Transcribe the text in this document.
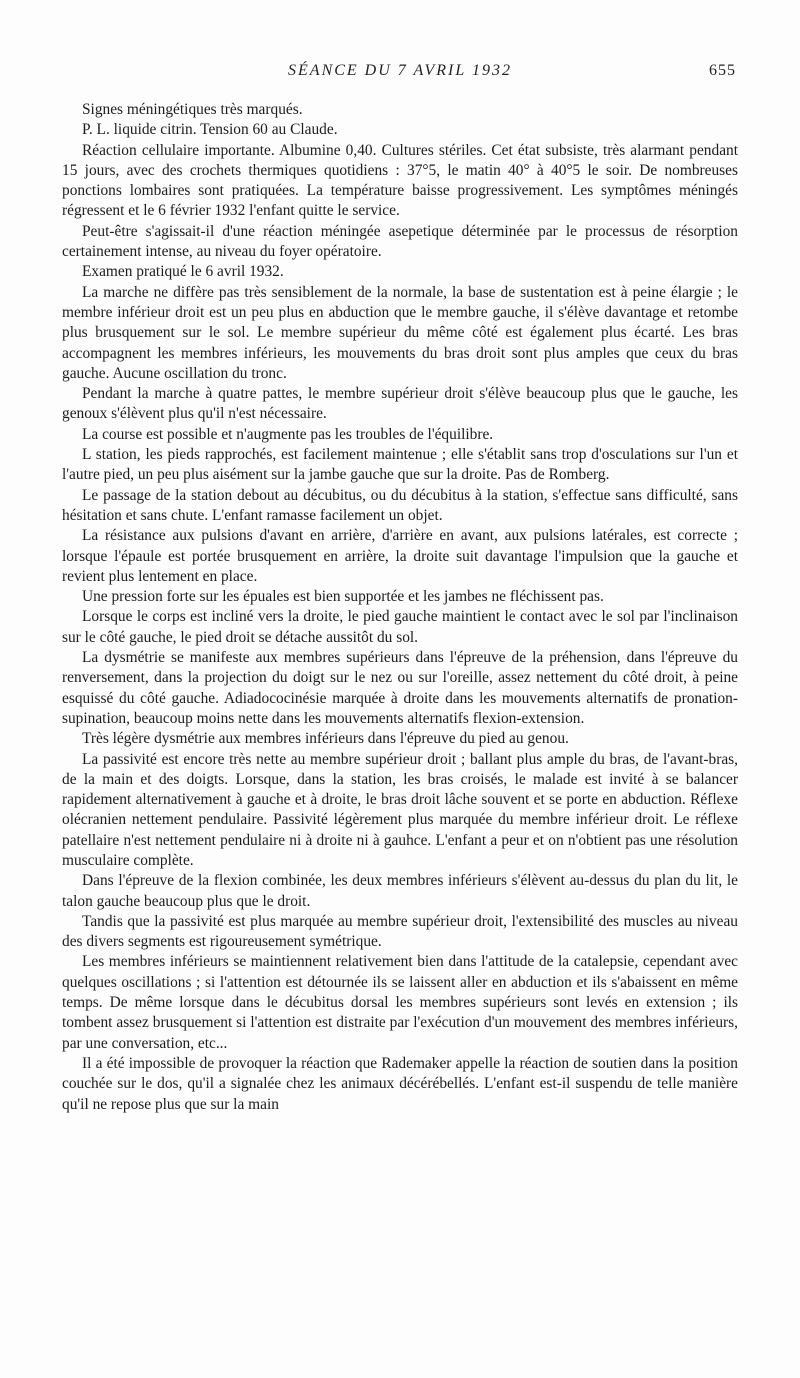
SÉANCE DU 7 AVRIL 1932	655

Signes méningétiques très marqués.

P. L. liquide citrin. Tension 60 au Claude.

Réaction cellulaire importante. Albumine 0,40. Cultures stériles. Cet état subsiste, très alarmant pendant 15 jours, avec des crochets thermiques quotidiens : 37°5, le matin 40° à 40°5 le soir. De nombreuses ponctions lombaires sont pratiquées. La température baisse progressivement. Les symptômes méningés régressent et le 6 février 1932 l'enfant quitte le service.

Peut-être s'agissait-il d'une réaction méningée asepetique déterminée par le processus de résorption certainement intense, au niveau du foyer opératoire.

Examen pratiqué le 6 avril 1932.

La marche ne diffère pas très sensiblement de la normale, la base de sustentation est à peine élargie ; le membre inférieur droit est un peu plus en abduction que le membre gauche, il s'élève davantage et retombe plus brusquement sur le sol. Le membre supérieur du même côté est également plus écarté. Les bras accompagnent les membres inférieurs, les mouvements du bras droit sont plus amples que ceux du bras gauche. Aucune oscillation du tronc.

Pendant la marche à quatre pattes, le membre supérieur droit s'élève beaucoup plus que le gauche, les genoux s'élèvent plus qu'il n'est nécessaire.

La course est possible et n'augmente pas les troubles de l'équilibre.

L station, les pieds rapprochés, est facilement maintenue ; elle s'établit sans trop d'osculations sur l'un et l'autre pied, un peu plus aisément sur la jambe gauche que sur la droite. Pas de Romberg.

Le passage de la station debout au décubitus, ou du décubitus à la station, s'effectue sans difficulté, sans hésitation et sans chute. L'enfant ramasse facilement un objet.

La résistance aux pulsions d'avant en arrière, d'arrière en avant, aux pulsions latérales, est correcte ; lorsque l'épaule est portée brusquement en arrière, la droite suit davantage l'impulsion que la gauche et revient plus lentement en place.

Une pression forte sur les épuales est bien supportée et les jambes ne fléchissent pas.

Lorsque le corps est incliné vers la droite, le pied gauche maintient le contact avec le sol par l'inclinaison sur le côté gauche, le pied droit se détache aussitôt du sol.

La dysmétrie se manifeste aux membres supérieurs dans l'épreuve de la préhension, dans l'épreuve du renversement, dans la projection du doigt sur le nez ou sur l'oreille, assez nettement du côté droit, à peine esquissé du côté gauche. Adiadococinésie marquée à droite dans les mouvements alternatifs de pronation-supination, beaucoup moins nette dans les mouvements alternatifs flexion-extension.

Très légère dysmétrie aux membres inférieurs dans l'épreuve du pied au genou.

La passivité est encore très nette au membre supérieur droit ; ballant plus ample du bras, de l'avant-bras, de la main et des doigts. Lorsque, dans la station, les bras croisés, le malade est invité à se balancer rapidement alternativement à gauche et à droite, le bras droit lâche souvent et se porte en abduction. Réflexe olécranien nettement pendulaire. Passivité légèrement plus marquée du membre inférieur droit. Le réflexe patellaire n'est nettement pendulaire ni à droite ni à gauhce. L'enfant a peur et on n'obtient pas une résolution musculaire complète.

Dans l'épreuve de la flexion combinée, les deux membres inférieurs s'élèvent au-dessus du plan du lit, le talon gauche beaucoup plus que le droit.

Tandis que la passivité est plus marquée au membre supérieur droit, l'extensibilité des muscles au niveau des divers segments est rigoureusement symétrique.

Les membres inférieurs se maintiennent relativement bien dans l'attitude de la catalepsie, cependant avec quelques oscillations ; si l'attention est détournée ils se laissent aller en abduction et ils s'abaissent en même temps. De même lorsque dans le décubitus dorsal les membres supérieurs sont levés en extension ; ils tombent assez brusquement si l'attention est distraite par l'exécution d'un mouvement des membres inférieurs, par une conversation, etc...

Il a été impossible de provoquer la réaction que Rademaker appelle la réaction de soutien dans la position couchée sur le dos, qu'il a signalée chez les animaux décérébellés. L'enfant est-il suspendu de telle manière qu'il ne repose plus que sur la main
